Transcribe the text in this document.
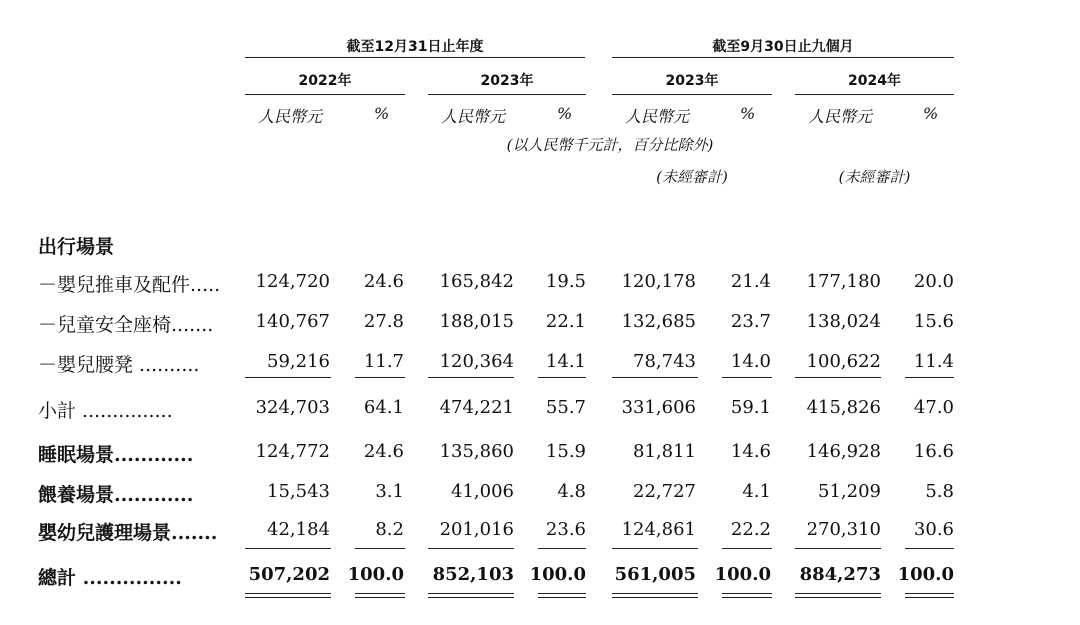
截至12月31日止年度	截至9月30日止九個月
2022年	2023年	2023年	2024年
人民幣元	%	人民幣元	%	人民幣元	%	人民幣元	%
(以人民幣千元計，百分比除外)
(未經審計)	(未經審計)
出行場景
－嬰兒推車及配件..... 124,720 24.6 165,842 19.5 120,178 21.4 177,180 20.0
－兒童安全座椅....... 140,767 27.8 188,015 22.1 132,685 23.7 138,024 15.6
－嬰兒腰凳 ..........	59,216 11.7 120,364 14.1	78,743 14.0 100,622 11.4
小計 ...............	324,703 64.1 474,221 55.7 331,606 59.1 415,826 47.0
睡眠場景............	124,772 24.6 135,860 15.9	81,811 14.6 146,928 16.6
餵養場景............	15,543	3.1	41,006 4.8	22,727	4.1	51,209 5.8
嬰幼兒護理場景.......	42,184	8.2 201,016 23.6 124,861 22.2 270,310 30.6
總計 ...............	507,202 100.0 852,103 100.0 561,005 100.0 884,273 100.0
